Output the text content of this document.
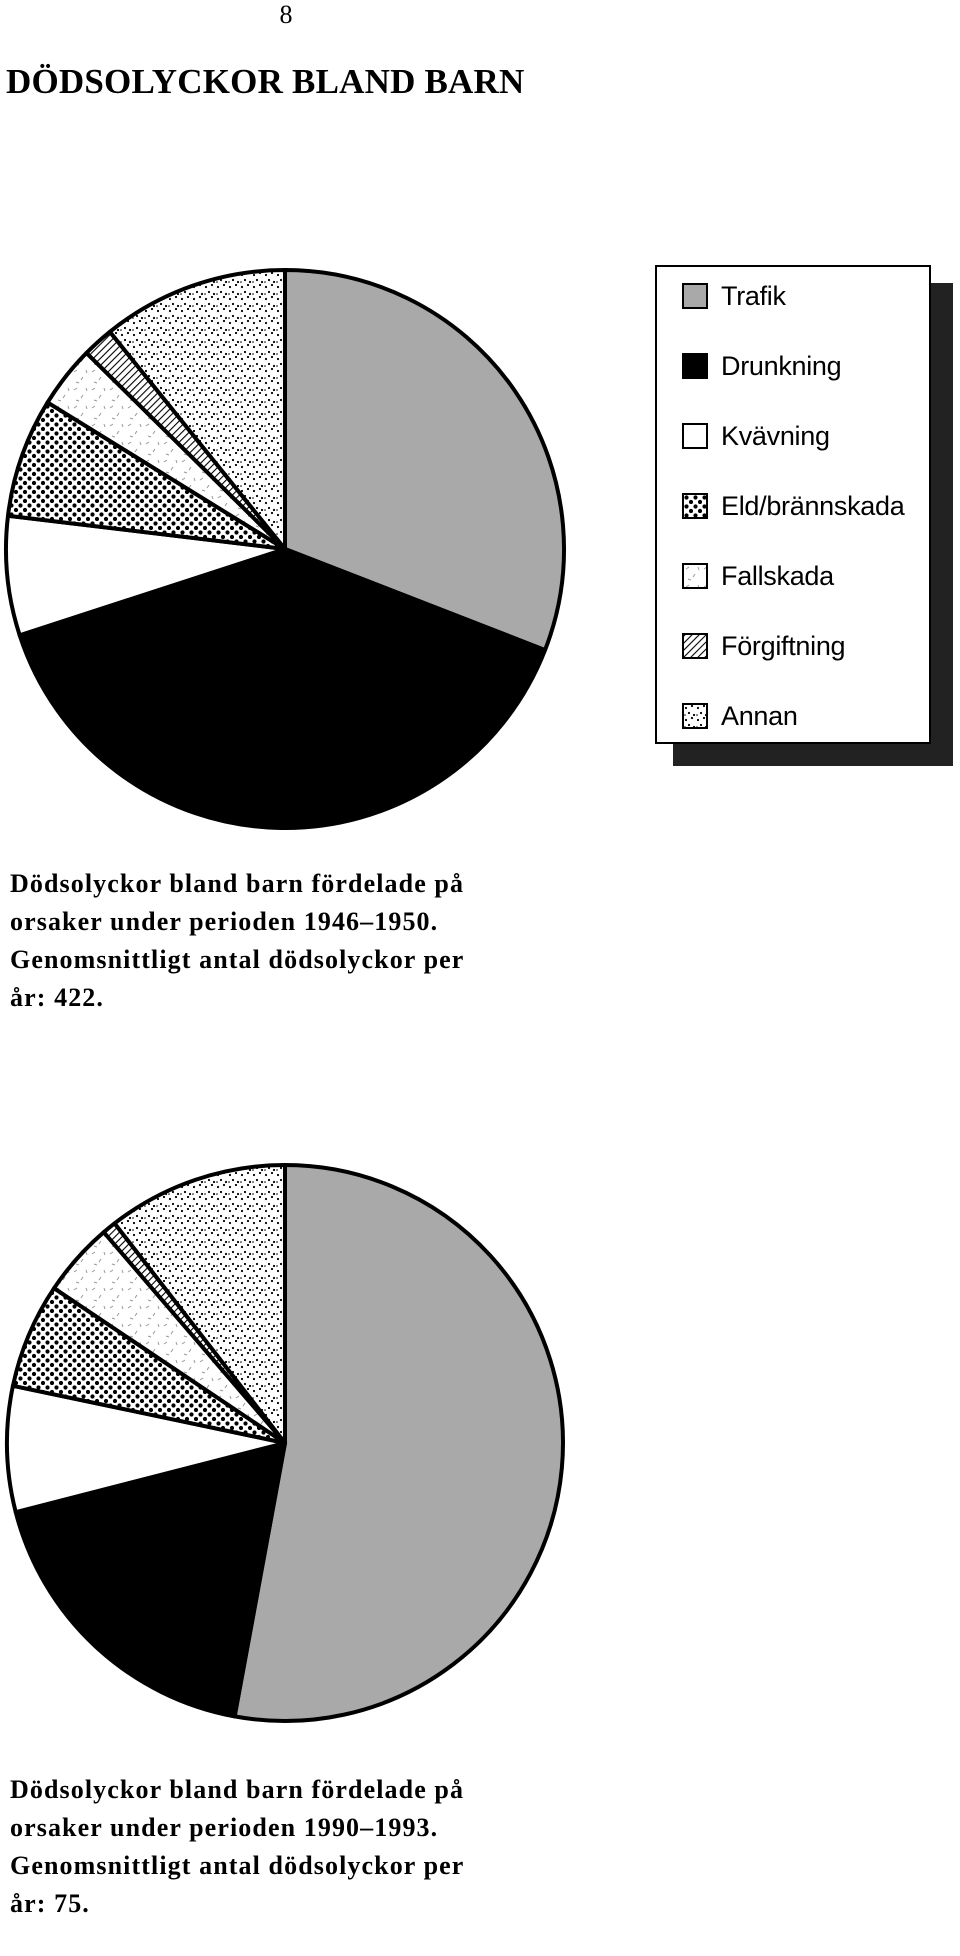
8
DÖDSOLYCKOR BLAND BARN
Trafik
Drunkning
Kvävning
Eld/brännskada
Fallskada
Förgiftning
Annan

Dödsolyckor bland barn fördelade på
orsaker under perioden 1946–1950.
Genomsnittligt antal dödsolyckor per
år: 422.

Dödsolyckor bland barn fördelade på
orsaker under perioden 1990–1993.
Genomsnittligt antal dödsolyckor per
år: 75.
